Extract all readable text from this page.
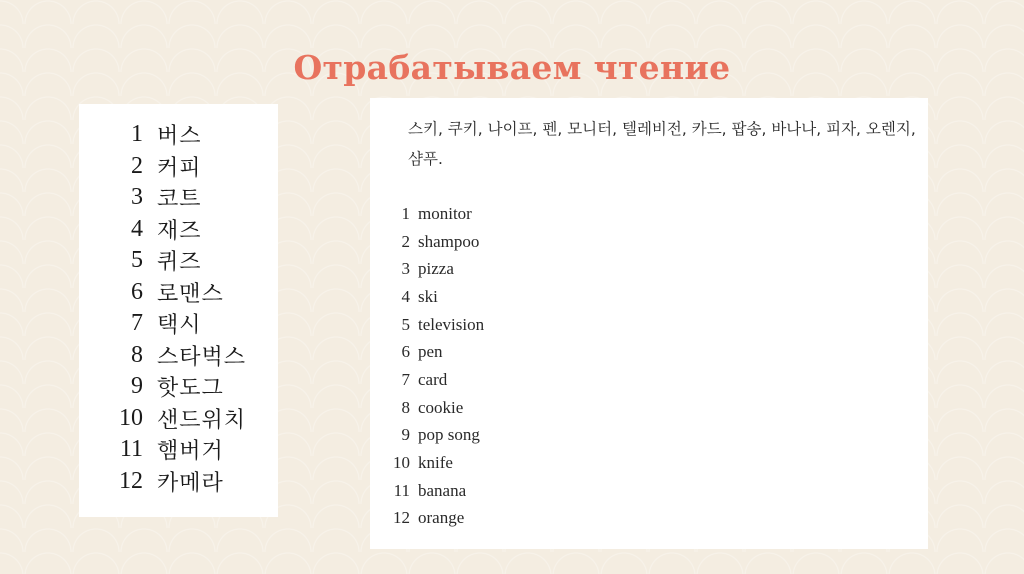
Отрабатываем чтение
1 버스
2 커피
3 코트
4 재즈
5 퀴즈
6 로맨스
7 택시
8 스타벅스
9 핫도그
10 샌드위치
11 햄버거
12 카메라
스키, 쿠키, 나이프, 펜, 모니터, 텔레비전, 카드, 팝송, 바나나, 피자, 오렌지, 샴푸.
1 monitor
2 shampoo
3 pizza
4 ski
5 television
6 pen
7 card
8 cookie
9 pop song
10 knife
11 banana
12 orange
